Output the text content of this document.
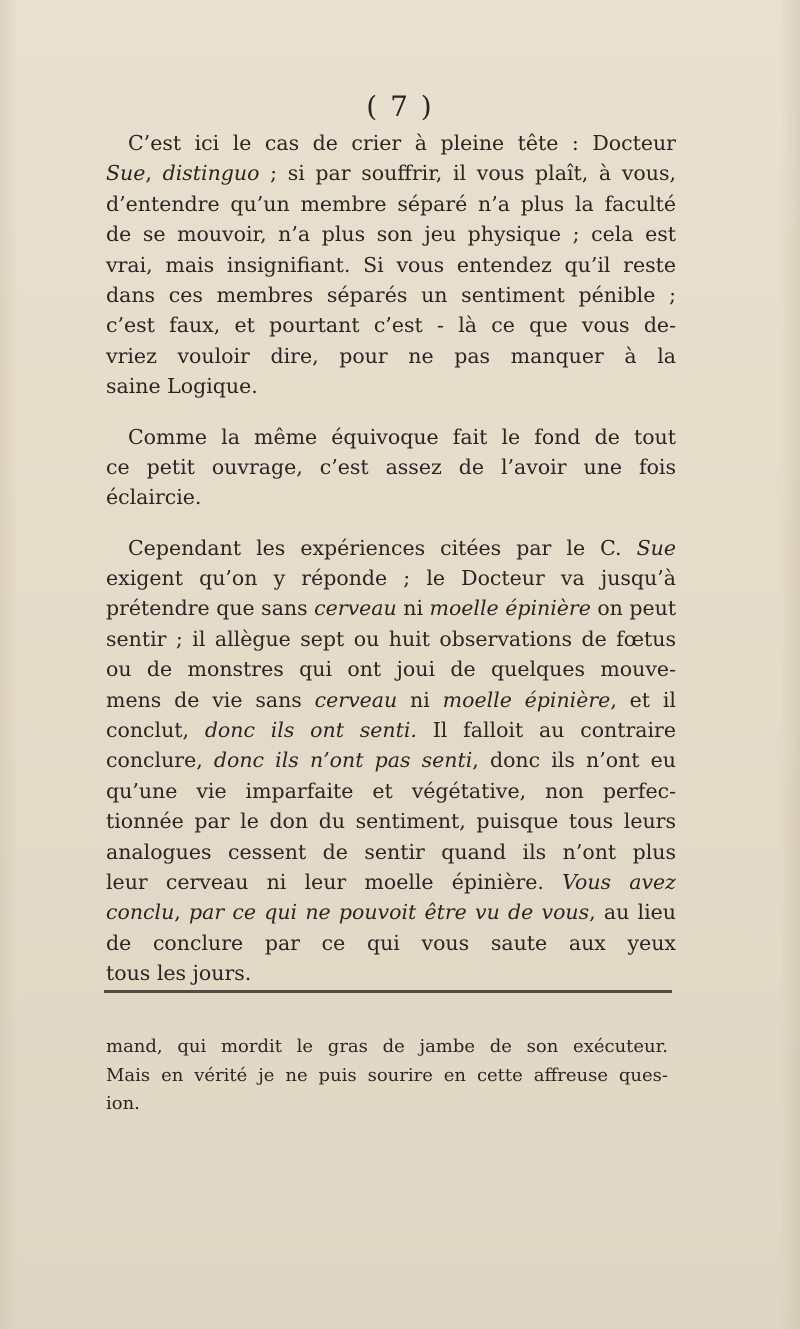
( 7 )
C’est ici le cas de crier à pleine tête : Docteur
Sue, distinguo ; si par souffrir, il vous plaît, à vous,
d’entendre qu’un membre séparé n’a plus la faculté
de se mouvoir, n’a plus son jeu physique ; cela est
vrai, mais insignifiant. Si vous entendez qu’il reste
dans ces membres séparés un sentiment pénible ;
c’est faux, et pourtant c’est - là ce que vous de-
vriez vouloir dire, pour ne pas manquer à la
saine Logique.
Comme la même équivoque fait le fond de tout
ce petit ouvrage, c’est assez de l’avoir une fois
éclaircie.
Cependant les expériences citées par le C. Sue
exigent qu’on y réponde ; le Docteur va jusqu’à
prétendre que sans cerveau ni moelle épinière on peut
sentir ; il allègue sept ou huit observations de fœtus
ou de monstres qui ont joui de quelques mouve-
mens de vie sans cerveau ni moelle épinière, et il
conclut, donc ils ont senti. Il falloit au contraire
conclure, donc ils n’ont pas senti, donc ils n’ont eu
qu’une vie imparfaite et végétative, non perfec-
tionnée par le don du sentiment, puisque tous leurs
analogues cessent de sentir quand ils n’ont plus
leur cerveau ni leur moelle épinière. Vous avez
conclu, par ce qui ne pouvoit être vu de vous, au lieu
de conclure par ce qui vous saute aux yeux
tous les jours.
mand, qui mordit le gras de jambe de son exécuteur.
Mais en vérité je ne puis sourire en cette affreuse ques-
ion.
